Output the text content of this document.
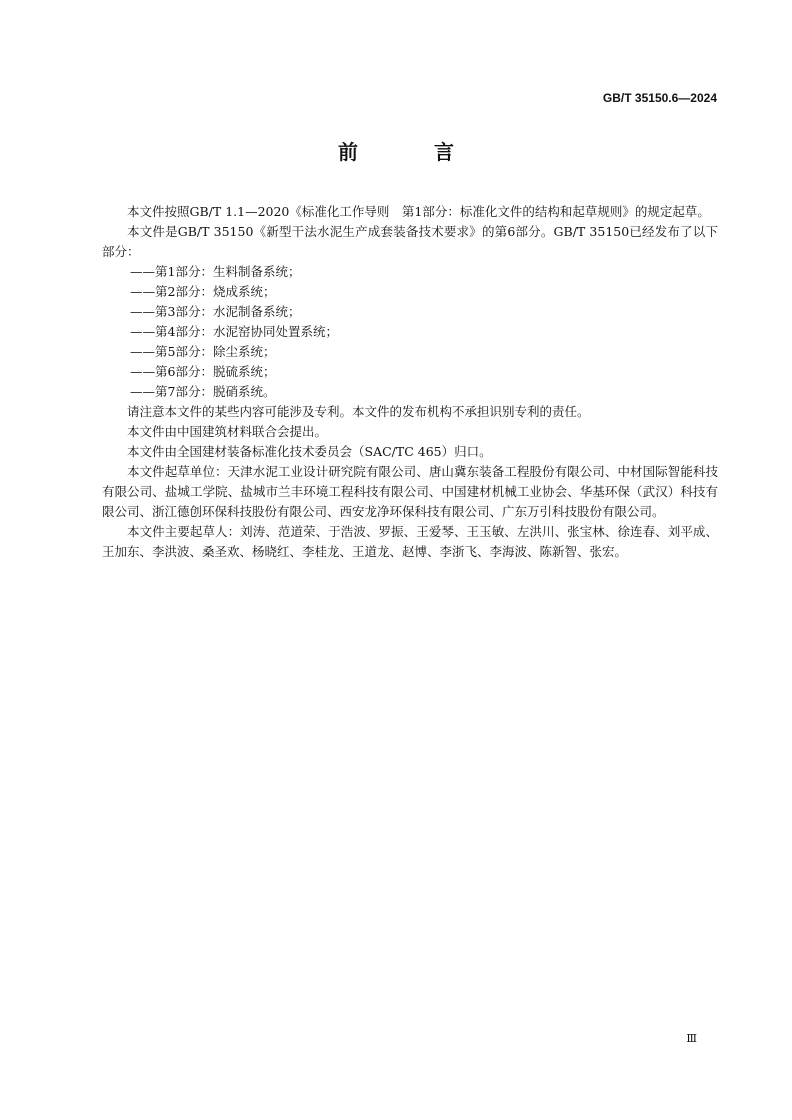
GB/T 35150.6—2024
前　言

本文件按照GB/T 1.1—2020《标准化工作导则　第1部分：标准化文件的结构和起草规则》的规定起草。

本文件是GB/T 35150《新型干法水泥生产成套装备技术要求》的第6部分。GB/T 35150已经发布了以下部分：

——第1部分：生料制备系统；
——第2部分：烧成系统；
——第3部分：水泥制备系统；
——第4部分：水泥窑协同处置系统；
——第5部分：除尘系统；
——第6部分：脱硫系统；
——第7部分：脱硝系统。

请注意本文件的某些内容可能涉及专利。本文件的发布机构不承担识别专利的责任。

本文件由中国建筑材料联合会提出。

本文件由全国建材装备标准化技术委员会（SAC/TC 465）归口。

本文件起草单位：天津水泥工业设计研究院有限公司、唐山冀东装备工程股份有限公司、中材国际智能科技有限公司、盐城工学院、盐城市兰丰环境工程科技有限公司、中国建材机械工业协会、华基环保（武汉）科技有限公司、浙江德创环保科技股份有限公司、西安龙净环保科技有限公司、广东万引科技股份有限公司。

本文件主要起草人：刘涛、范道荣、于浩波、罗振、王爱琴、王玉敏、左洪川、张宝林、徐连春、刘平成、王加东、李洪波、桑圣欢、杨晓红、李桂龙、王道龙、赵博、李浙飞、李海波、陈新智、张宏。

Ⅲ
